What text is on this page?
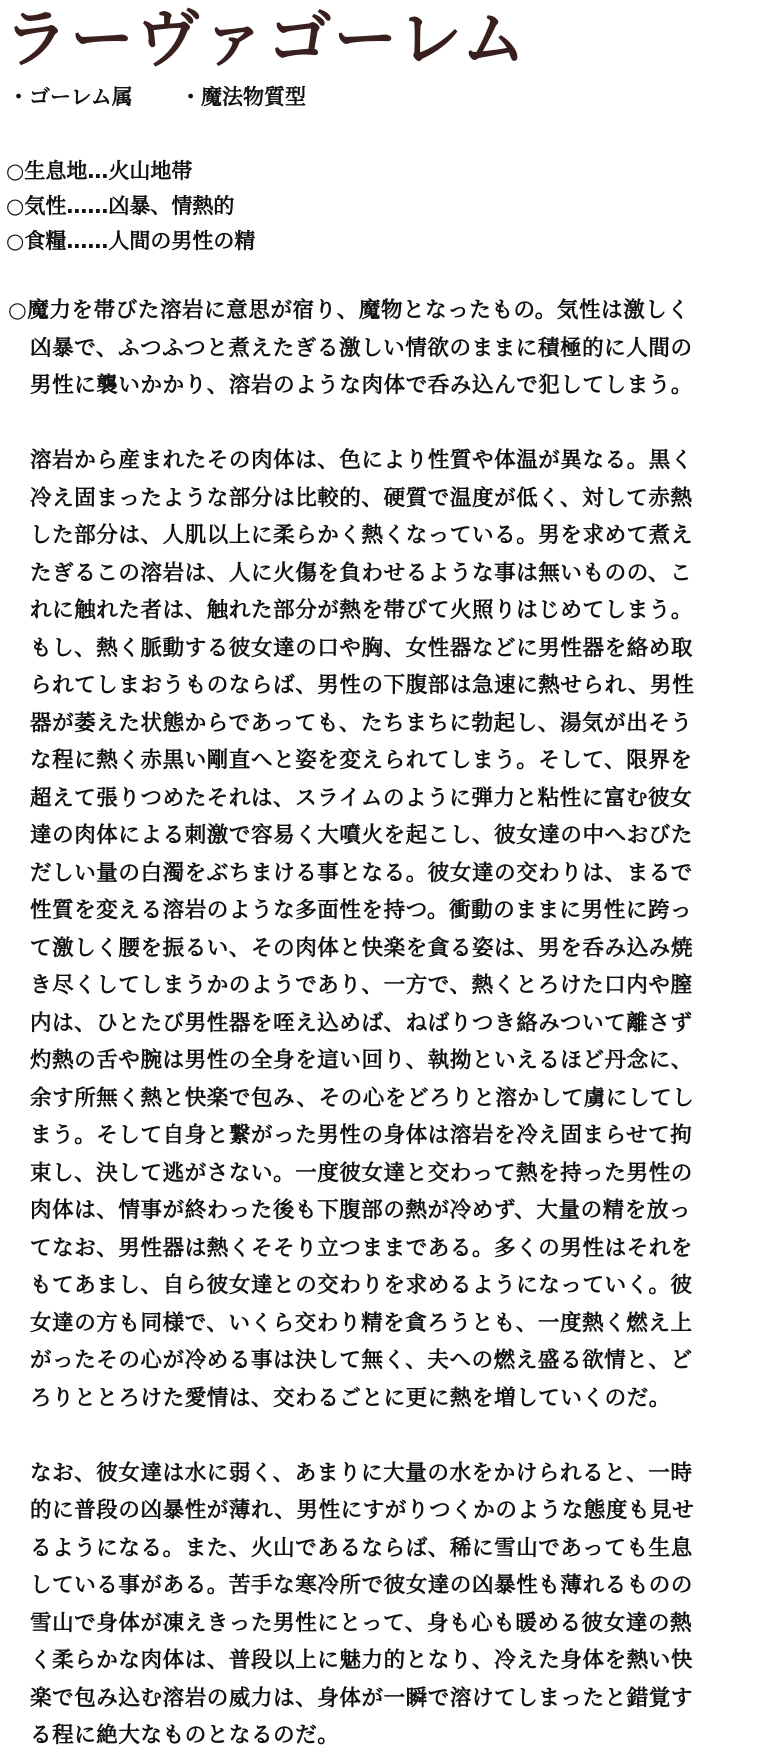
ラーヴァゴーレム
・ゴーレム属 ・魔法物質型
○生息地…火山地帯
○気性……凶暴、情熱的
○食糧……人間の男性の精
○魔力を帯びた溶岩に意思が宿り、魔物となったもの。気性は激しく
凶暴で、ふつふつと煮えたぎる激しい情欲のままに積極的に人間の
男性に襲いかかり、溶岩のような肉体で呑み込んで犯してしまう。
溶岩から産まれたその肉体は、色により性質や体温が異なる。黒く
冷え固まったような部分は比較的、硬質で温度が低く、対して赤熱
した部分は、人肌以上に柔らかく熱くなっている。男を求めて煮え
たぎるこの溶岩は、人に火傷を負わせるような事は無いものの、こ
れに触れた者は、触れた部分が熱を帯びて火照りはじめてしまう。
もし、熱く脈動する彼女達の口や胸、女性器などに男性器を絡め取
られてしまおうものならば、男性の下腹部は急速に熱せられ、男性
器が萎えた状態からであっても、たちまちに勃起し、湯気が出そう
な程に熱く赤黒い剛直へと姿を変えられてしまう。そして、限界を
超えて張りつめたそれは、スライムのように弾力と粘性に富む彼女
達の肉体による刺激で容易く大噴火を起こし、彼女達の中へおびた
だしい量の白濁をぶちまける事となる。彼女達の交わりは、まるで
性質を変える溶岩のような多面性を持つ。衝動のままに男性に跨っ
て激しく腰を振るい、その肉体と快楽を貪る姿は、男を呑み込み焼
き尽くしてしまうかのようであり、一方で、熱くとろけた口内や膣
内は、ひとたび男性器を咥え込めば、ねばりつき絡みついて離さず
灼熱の舌や腕は男性の全身を這い回り、執拗といえるほど丹念に、
余す所無く熱と快楽で包み、その心をどろりと溶かして虜にしてし
まう。そして自身と繋がった男性の身体は溶岩を冷え固まらせて拘
束し、決して逃がさない。一度彼女達と交わって熱を持った男性の
肉体は、情事が終わった後も下腹部の熱が冷めず、大量の精を放っ
てなお、男性器は熱くそそり立つままである。多くの男性はそれを
もてあまし、自ら彼女達との交わりを求めるようになっていく。彼
女達の方も同様で、いくら交わり精を貪ろうとも、一度熱く燃え上
がったその心が冷める事は決して無く、夫への燃え盛る欲情と、ど
ろりととろけた愛情は、交わるごとに更に熱を増していくのだ。
なお、彼女達は水に弱く、あまりに大量の水をかけられると、一時
的に普段の凶暴性が薄れ、男性にすがりつくかのような態度も見せ
るようになる。また、火山であるならば、稀に雪山であっても生息
している事がある。苦手な寒冷所で彼女達の凶暴性も薄れるものの
雪山で身体が凍えきった男性にとって、身も心も暖める彼女達の熱
く柔らかな肉体は、普段以上に魅力的となり、冷えた身体を熱い快
楽で包み込む溶岩の威力は、身体が一瞬で溶けてしまったと錯覚す
る程に絶大なものとなるのだ。
